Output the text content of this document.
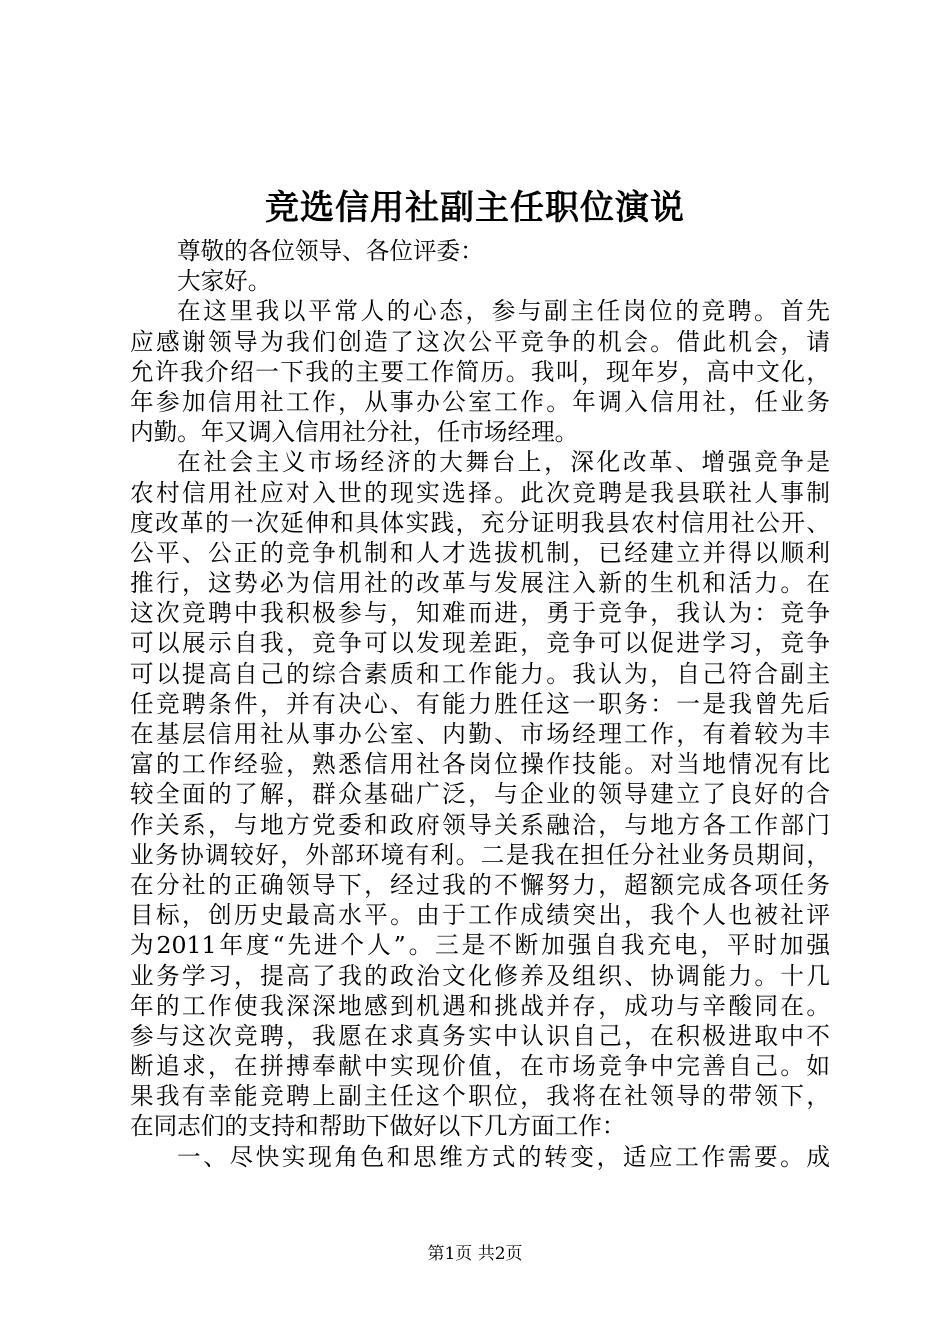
竞选信用社副主任职位演说
尊敬的各位领导、各位评委：
大家好。
在这里我以平常人的心态，参与副主任岗位的竞聘。首先
应感谢领导为我们创造了这次公平竞争的机会。借此机会，请
允许我介绍一下我的主要工作简历。我叫，现年岁，高中文化，
年参加信用社工作，从事办公室工作。年调入信用社，任业务
内勤。年又调入信用社分社，任市场经理。
在社会主义市场经济的大舞台上，深化改革、增强竞争是
农村信用社应对入世的现实选择。此次竞聘是我县联社人事制
度改革的一次延伸和具体实践，充分证明我县农村信用社公开、
公平、公正的竞争机制和人才选拔机制，已经建立并得以顺利
推行，这势必为信用社的改革与发展注入新的生机和活力。在
这次竞聘中我积极参与，知难而进，勇于竞争，我认为：竞争
可以展示自我，竞争可以发现差距，竞争可以促进学习，竞争
可以提高自己的综合素质和工作能力。我认为，自己符合副主
任竞聘条件，并有决心、有能力胜任这一职务：一是我曾先后
在基层信用社从事办公室、内勤、市场经理工作，有着较为丰
富的工作经验，熟悉信用社各岗位操作技能。对当地情况有比
较全面的了解，群众基础广泛，与企业的领导建立了良好的合
作关系，与地方党委和政府领导关系融洽，与地方各工作部门
业务协调较好，外部环境有利。二是我在担任分社业务员期间，
在分社的正确领导下，经过我的不懈努力，超额完成各项任务
目标，创历史最高水平。由于工作成绩突出，我个人也被社评
为2011年度“先进个人”。三是不断加强自我充电，平时加强
业务学习，提高了我的政治文化修养及组织、协调能力。十几
年的工作使我深深地感到机遇和挑战并存，成功与辛酸同在。
参与这次竞聘，我愿在求真务实中认识自己，在积极进取中不
断追求，在拼搏奉献中实现价值，在市场竞争中完善自己。如
果我有幸能竞聘上副主任这个职位，我将在社领导的带领下，
在同志们的支持和帮助下做好以下几方面工作：
一、尽快实现角色和思维方式的转变，适应工作需要。成
第1页 共2页
